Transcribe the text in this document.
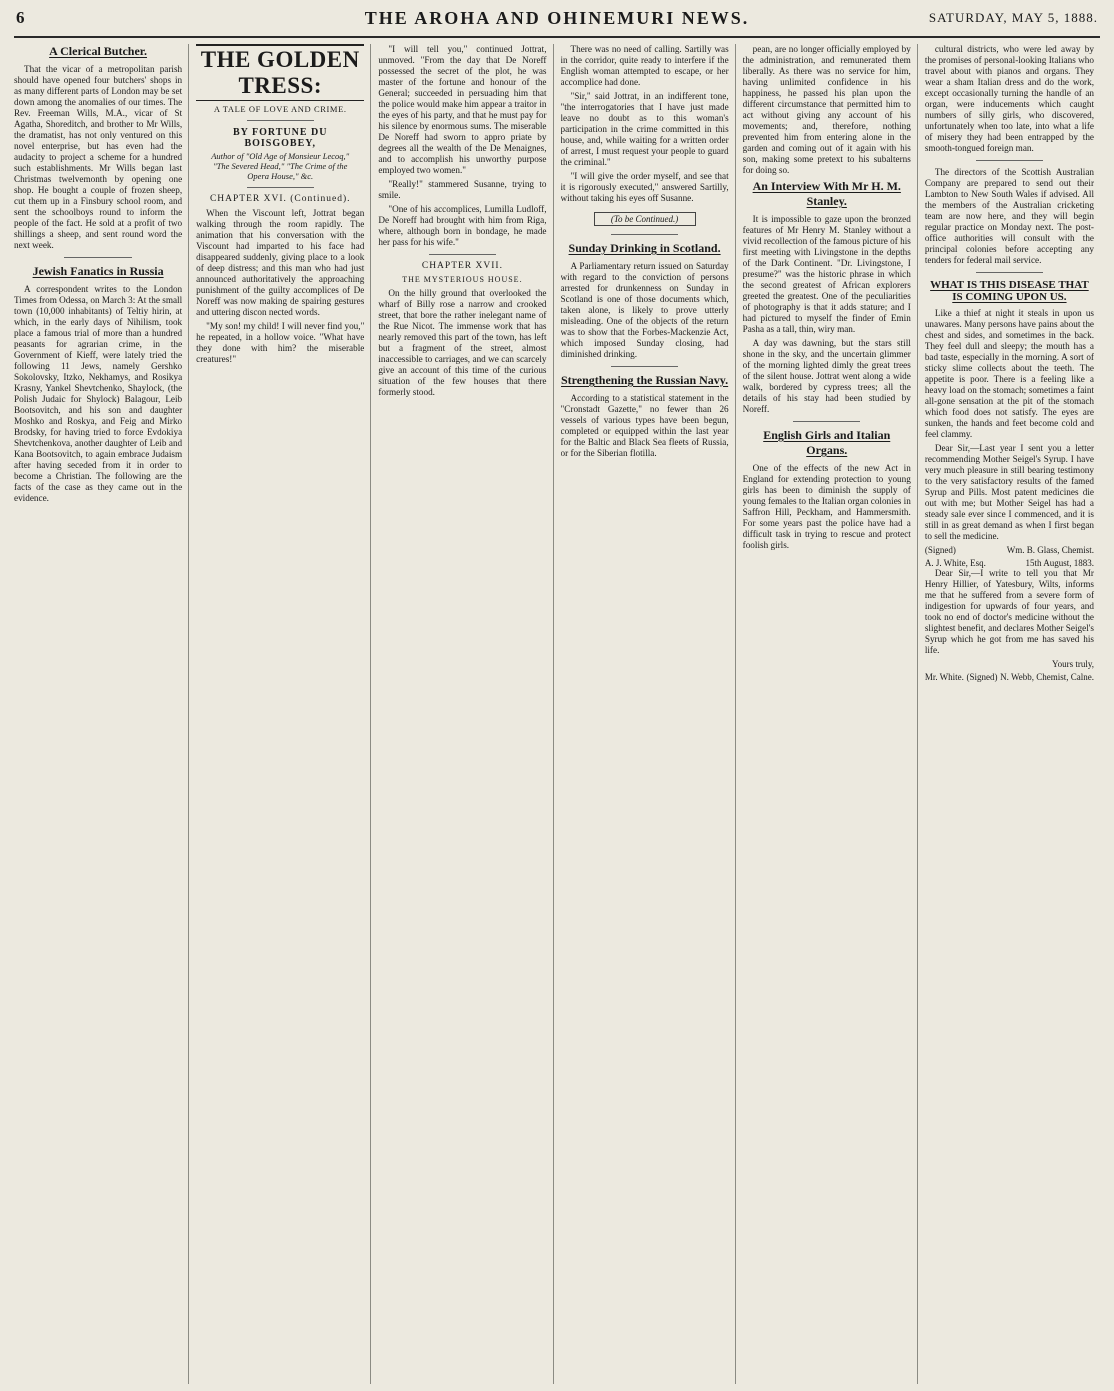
6	THE AROHA AND OHINEMURI NEWS.	SATURDAY, MAY 5, 1888.
A Clerical Butcher.

That the vicar of a metropolitan parish should have opened four butchers' shops in as many different parts of London may be set down among the anomalies of our times. The Rev. Freeman Wills, M.A., vicar of St Agatha, Shoreditch, and brother to Mr Wills, the dramatist, has not only ventured on this novel enterprise, but has even had the audacity to project a scheme for a hundred such establishments. Mr Wills began last Christmas twelvemonth by opening one shop. He bought a couple of frozen sheep, cut them up in a Finsbury school room, and sent the schoolboys round to inform the people of the fact. He sold at a profit of two shillings a sheep, and sent round word the next week.

Jewish Fanatics in Russia

A correspondent writes to the London Times from Odessa, on March 3: At the small town (10,000 inhabitants) of Teltiy hirin, at which, in the early days of Nihilism, took place a famous trial of more than a hundred peasants for agrarian crime, in the Government of Kieff, were lately tried the following 11 Jews, namely Gershko Sokolovsky, Itzko, Nekhamys, and Rosikya Krasny, Yankel Shevtchenko, Shaylock, (the Polish Judaic for Shylock) Balagour, Leib Bootsovitch, and his son and daughter Moshko and Roskya, and Feig and Mirko Brodsky, for having tried to force Evdokiya Shevtchenkova, another daughter of Leib and Kana Bootsovitch, to again embrace Judaism after having seceded from it in order to become a Christian. The following are the facts of the case as they came out in the evidence.

THE GOLDEN TRESS:
A TALE OF LOVE AND CRIME.
BY FORTUNE DU BOISGOBEY,
Author of "Old Age of Monsieur Lecoq," "The Severed Head," "The Crime of the Opera House," &c.
CHAPTER XVI. (Continued).

When the Viscount left, Jottrat began walking through the room rapidly. The animation that his conversation with the Viscount had imparted to his face had disappeared suddenly, giving place to a look of deep distress; and this man who had just announced authoritatively the approaching punishment of the guilty accomplices of De Noreff was now making de spairing gestures and uttering discon nected words.

"My son! my child! I will never find you," he repeated, in a hollow voice. "What have they done with him? the miserable creatures!"

"I will tell you," continued Jottrat, unmoved. "From the day that De Noreff possessed the secret of the plot, he was master of the fortune and honour of the General; succeeded in persuading him that the police would make him appear a traitor in the eyes of his party, and that he must pay for his silence by enormous sums. The miserable De Noreff had sworn to appro priate by degrees all the wealth of the De Menaignes, and to accomplish his unworthy purpose employed two women."

"Really!" stammered Susanne, trying to smile.

"One of his accomplices, Lumilla Ludloff, De Noreff had brought with him from Riga, where, although born in bondage, he made her pass for his wife."

CHAPTER XVII.
THE MYSTERIOUS HOUSE.

On the hilly ground that overlooked the wharf of Billy rose a narrow and crooked street, that bore the rather inelegant name of the Rue Nicot. The immense work that has nearly removed this part of the town, has left but a fragment of the street, almost inaccessible to carriages, and we can scarcely give an account of this time of the curious situation of the few houses that there formerly stood.

There was no need of calling. Sartilly was in the corridor, quite ready to interfere if the English woman attempted to escape, or her accomplice had done.

"Sir," said Jottrat, in an indifferent tone, "the interrogatories that I have just made leave no doubt as to this woman's participation in the crime committed in this house, and, while waiting for a written order of arrest, I must request your people to guard the criminal."

"I will give the order myself, and see that it is rigorously executed," answered Sartilly, without taking his eyes off Susanne.

(To be Continued.)
Sunday Drinking in Scotland.

A Parliamentary return issued on Saturday with regard to the conviction of persons arrested for drunkenness on Sunday in Scotland is one of those documents which, taken alone, is likely to prove utterly misleading. One of the objects of the return was to show that the Forbes-Mackenzie Act, which imposed Sunday closing, had diminished drinking.

Strengthening the Russian Navy.

According to a statistical statement in the "Cronstadt Gazette," no fewer than 26 vessels of various types have been begun, completed or equipped within the last year for the Baltic and Black Sea fleets of Russia, or for the Siberian flotilla.

pean, are no longer officially employed by the administration, and remunerated them liberally. As there was no service for him, having unlimited confidence in his happiness, he passed his plan upon the different circumstance that permitted him to act without giving any account of his movements; and, therefore, nothing prevented him from entering alone in the garden and coming out of it again with his son, making some pretext to his subalterns for doing so.

An Interview With Mr H. M. Stanley.

It is impossible to gaze upon the bronzed features of Mr Henry M. Stanley without a vivid recollection of the famous picture of his first meeting with Livingstone in the depths of the Dark Continent. "Dr. Livingstone, I presume?" was the historic phrase in which the second greatest of African explorers greeted the greatest. One of the peculiarities of photography is that it adds stature; and I had pictured to myself the finder of Emin Pasha as a tall, thin, wiry man.

A day was dawning, but the stars still shone in the sky, and the uncertain glimmer of the morning lighted dimly the great trees of the silent house. Jottrat went along a wide walk, bordered by cypress trees; all the details of his stay had been studied by Noreff.

English Girls and Italian Organs.

One of the effects of the new Act in England for extending protection to young girls has been to diminish the supply of young females to the Italian organ colonies in Saffron Hill, Peckham, and Hammersmith. For some years past the police have had a difficult task in trying to rescue and protect foolish girls.

cultural districts, who were led away by the promises of personal-looking Italians who travel about with pianos and organs. They wear a sham Italian dress and do the work, except occasionally turning the handle of an organ, were inducements which caught numbers of silly girls, who discovered, unfortunately when too late, into what a life of misery they had been entrapped by the smooth-tongued foreign man.

The directors of the Scottish Australian Company are prepared to send out their Lambton to New South Wales if advised. All the members of the Australian cricketing team are now here, and they will begin regular practice on Monday next. The post-office authorities will consult with the principal colonies before accepting any tenders for federal mail service.

WHAT IS THIS DISEASE THAT IS COMING UPON US.

Like a thief at night it steals in upon us unawares. Many persons have pains about the chest and sides, and sometimes in the back. They feel dull and sleepy; the mouth has a bad taste, especially in the morning. A sort of sticky slime collects about the teeth. The appetite is poor. There is a feeling like a heavy load on the stomach; sometimes a faint all-gone sensation at the pit of the stomach which food does not satisfy. The eyes are sunken, the hands and feet become cold and feel clammy.

Dear Sir,—Last year I sent you a letter recommending Mother Seigel's Syrup. I have very much pleasure in still bearing testimony to the very satisfactory results of the famed Syrup and Pills. Most patent medicines die out with me; but Mother Seigel has had a steady sale ever since I commenced, and it is still in as great demand as when I first began to sell the medicine.

(Signed)	Wm. B. Glass, Chemist.
A. J. White, Esq.	15th August, 1883.

Dear Sir,—I write to tell you that Mr Henry Hillier, of Yatesbury, Wilts, informs me that he suffered from a severe form of indigestion for upwards of four years, and took no end of doctor's medicine without the slightest benefit, and declares Mother Seigel's Syrup which he got from me has saved his life.

Yours truly,
Mr. White. (Signed) N. Webb, Chemist, Calne.
